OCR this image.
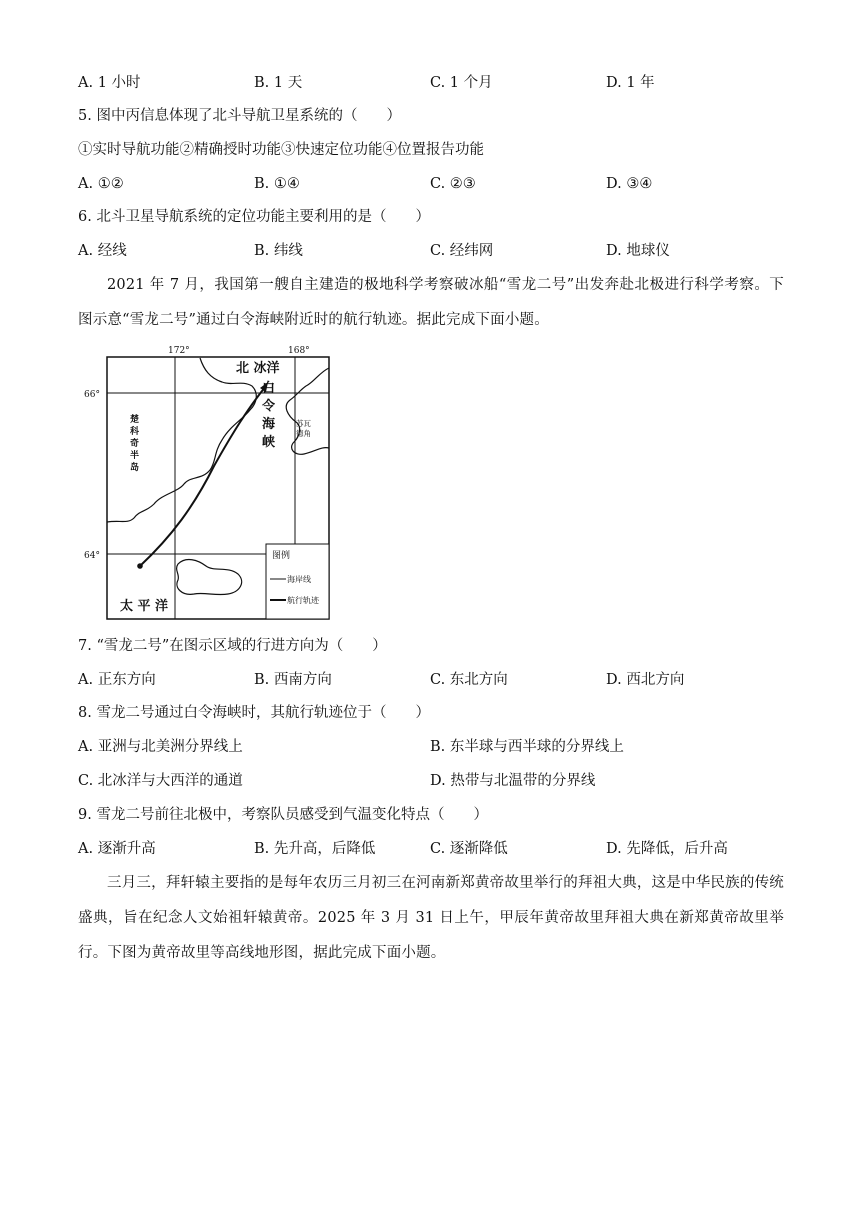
A. 1 小时	B. 1 天	C. 1 个月	D. 1 年
5. 图中丙信息体现了北斗导航卫星系统的（　　）
①实时导航功能②精确授时功能③快速定位功能④位置报告功能
A. ①②	B. ①④	C. ②③	D. ③④
6. 北斗卫星导航系统的定位功能主要利用的是（　　）
A. 经线	B. 纬线	C. 经纬网	D. 地球仪
2021 年 7 月，我国第一艘自主建造的极地科学考察破冰船“雪龙二号”出发奔赴北极进行科学考察。下图示意“雪龙二号”通过白令海峡附近时的航行轨迹。据此完成下面小题。
图例
海岸线
航行轨迹
172°	168°
66°
64°
北 冰洋
白
令
海
峡
楚
科
奇
半
岛
苏瓦
德角
太 平 洋
7. “雪龙二号”在图示区域的行进方向为（　　）
A. 正东方向	B. 西南方向	C. 东北方向	D. 西北方向
8. 雪龙二号通过白令海峡时，其航行轨迹位于（　　）
A. 亚洲与北美洲分界线上	B. 东半球与西半球的分界线上
C. 北冰洋与大西洋的通道	D. 热带与北温带的分界线
9. 雪龙二号前往北极中，考察队员感受到气温变化特点（　　）
A. 逐渐升高	B. 先升高，后降低	C. 逐渐降低	D. 先降低，后升高
三月三，拜轩辕主要指的是每年农历三月初三在河南新郑黄帝故里举行的拜祖大典，这是中华民族的传统盛典，旨在纪念人文始祖轩辕黄帝。2025 年 3 月 31 日上午，甲辰年黄帝故里拜祖大典在新郑黄帝故里举行。下图为黄帝故里等高线地形图，据此完成下面小题。
